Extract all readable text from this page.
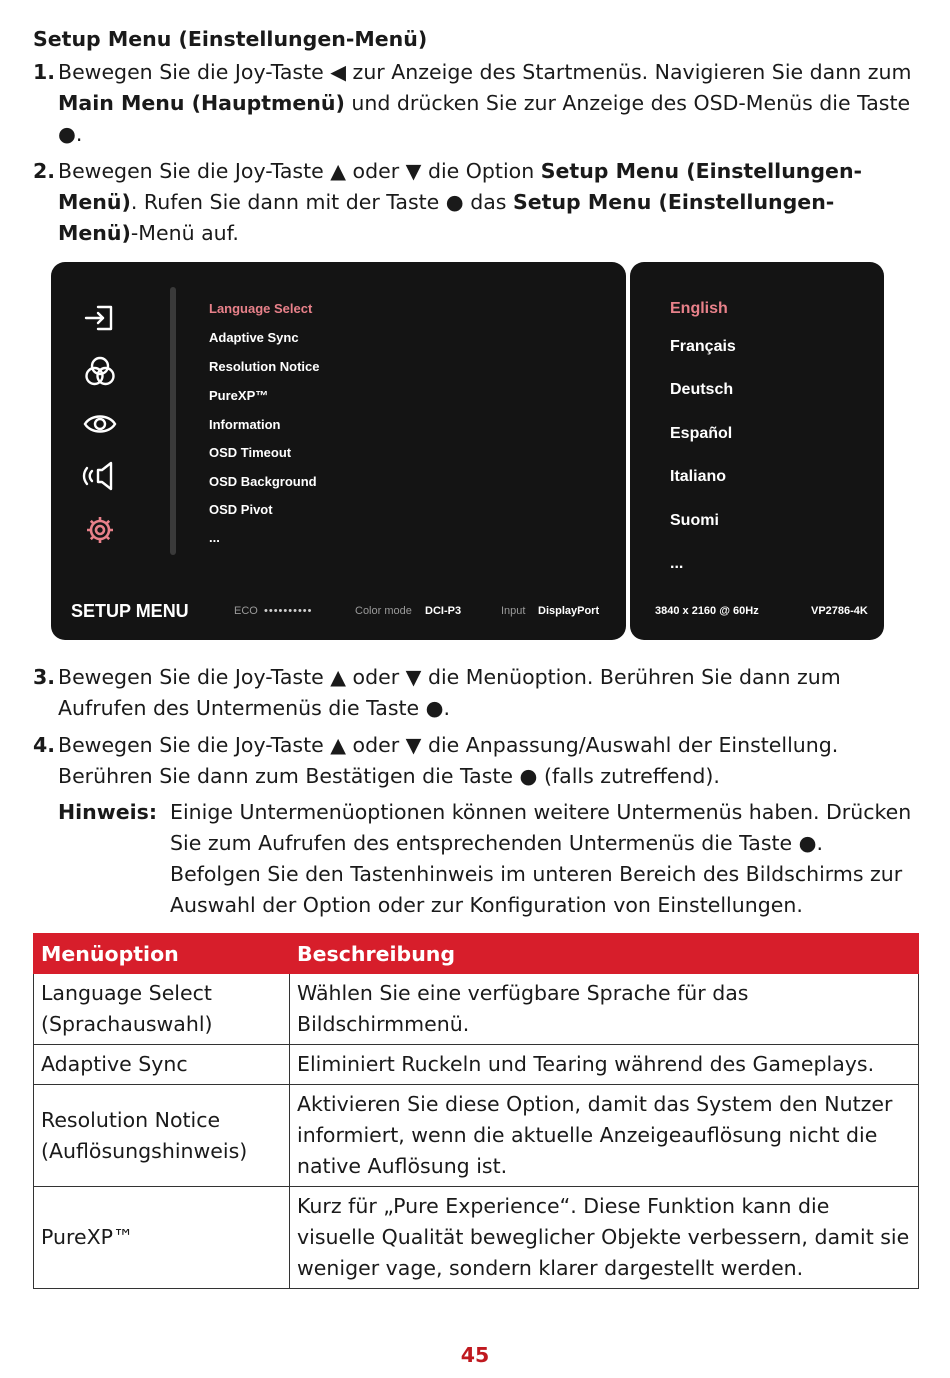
Setup Menu (Einstellungen-Menü)
1. Bewegen Sie die Joy-Taste ◀ zur Anzeige des Startmenüs. Navigieren Sie dann zum Main Menu (Hauptmenü) und drücken Sie zur Anzeige des OSD-Menüs die Taste ●.
2. Bewegen Sie die Joy-Taste ▲ oder ▼ die Option Setup Menu (Einstellungen-Menü). Rufen Sie dann mit der Taste ● das Setup Menu (Einstellungen-Menü)-Menü auf.
Language Select
Adaptive Sync
Resolution Notice
PureXP™
Information
OSD Timeout
OSD Background
OSD Pivot
...
SETUP MENU	ECO ••••••••••	Color mode DCI-P3	Input DisplayPort
English
Français
Deutsch
Español
Italiano
Suomi
...
3840 x 2160 @ 60Hz	VP2786-4K
3. Bewegen Sie die Joy-Taste ▲ oder ▼ die Menüoption. Berühren Sie dann zum Aufrufen des Untermenüs die Taste ●.
4. Bewegen Sie die Joy-Taste ▲ oder ▼ die Anpassung/Auswahl der Einstellung. Berühren Sie dann zum Bestätigen die Taste ● (falls zutreffend).
Hinweis: Einige Untermenüoptionen können weitere Untermenüs haben. Drücken Sie zum Aufrufen des entsprechenden Untermenüs die Taste ●. Befolgen Sie den Tastenhinweis im unteren Bereich des Bildschirms zur Auswahl der Option oder zur Konfiguration von Einstellungen.
Menüoption	Beschreibung
Language Select (Sprachauswahl)	Wählen Sie eine verfügbare Sprache für das Bildschirmmenü.
Adaptive Sync	Eliminiert Ruckeln und Tearing während des Gameplays.
Resolution Notice (Auflösungshinweis)	Aktivieren Sie diese Option, damit das System den Nutzer informiert, wenn die aktuelle Anzeigeauflösung nicht die native Auflösung ist.
PureXP™	Kurz für „Pure Experience“. Diese Funktion kann die visuelle Qualität beweglicher Objekte verbessern, damit sie weniger vage, sondern klarer dargestellt werden.
45
